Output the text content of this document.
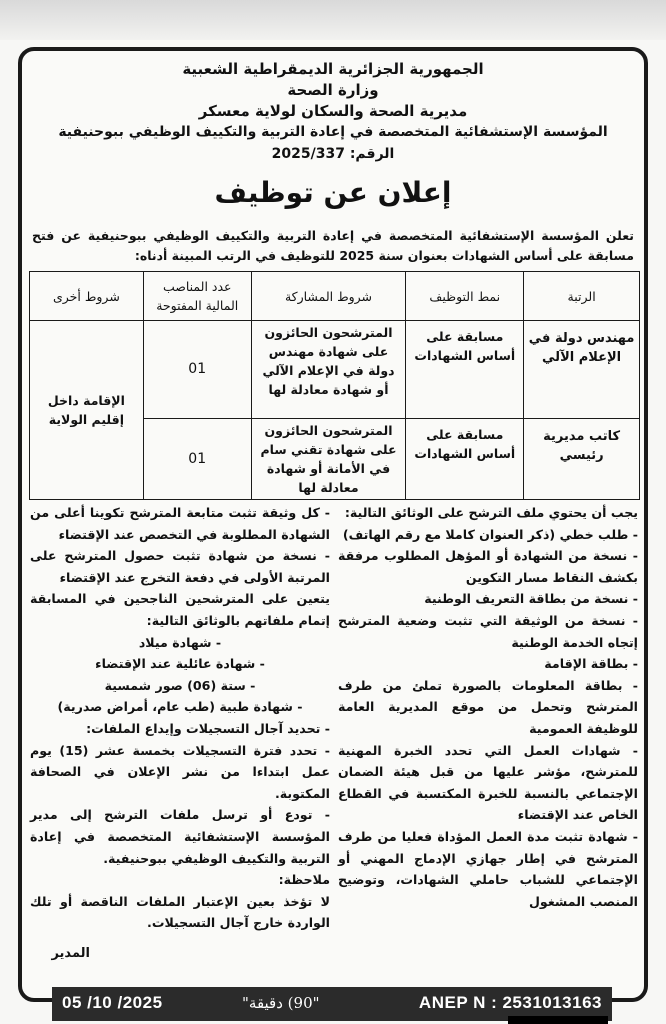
الجمهورية الجزائرية الديمقراطية الشعبية
وزارة الصحة
مديرية الصحة والسكان لولاية معسكر
المؤسسة الإستشفائية المتخصصة في إعادة التربية والتكييف الوظيفي ببوحنيفية
الرقم: 2025/337
إعلان عن توظيف
تعلن المؤسسة الإستشفائية المتخصصة في إعادة التربية والتكييف الوظيفي ببوحنيفية عن فتح مسابقة على أساس الشهادات بعنوان سنة 2025 للتوظيف في الرتب المبينة أدناه:
الرتبة	نمط التوظيف	شروط المشاركة	عدد المناصب المالية المفتوحة	شروط أخرى
مهندس دولة في الإعلام الآلي	مسابقة على أساس الشهادات	المترشحون الحائزون على شهادة مهندس دولة في الإعلام الآلي أو شهادة معادلة لها	01	الإقامة داخل إقليم الولاية
كاتب مديرية رئيسي	مسابقة على أساس الشهادات	المترشحون الحائزون على شهادة تقني سام في الأمانة أو شهادة معادلة لها	01	

يجب أن يحتوي ملف الترشح على الوثائق التالية:

- طلب خطي (ذكر العنوان كاملا مع رقم الهاتف)

- نسخة من الشهادة أو المؤهل المطلوب مرفقة بكشف النقاط مسار التكوين

- نسخة من بطاقة التعريف الوطنية

- نسخة من الوثيقة التي تثبت وضعية المترشح إتجاه الخدمة الوطنية

- بطاقة الإقامة

- بطاقة المعلومات بالصورة تملئ من طرف المترشح وتحمل من موقع المديرية العامة للوظيفة العمومية

- شهادات العمل التي تحدد الخبرة المهنية للمترشح، مؤشر عليها من قبل هيئة الضمان الإجتماعي بالنسبة للخبرة المكتسبة في القطاع الخاص عند الإقتضاء

- شهادة تثبت مدة العمل المؤداة فعليا من طرف المترشح في إطار جهازي الإدماج المهني أو الإجتماعي للشباب حاملي الشهادات، وتوضيح المنصب المشغول

- كل وثيقة تثبت متابعة المترشح تكوينا أعلى من الشهادة المطلوبة في التخصص عند الإقتضاء

- نسخة من شهادة تثبت حصول المترشح على المرتبة الأولى في دفعة التخرج عند الإقتضاء

يتعين على المترشحين الناجحين في المسابقة إتمام ملفاتهم بالوثائق التالية:

- شهادة ميلاد

- شهادة عائلية عند الإقتضاء

- ستة (06) صور شمسية

- شهادة طبية (طب عام، أمراض صدرية)

- تحديد آجال التسجيلات وإيداع الملفات:

- تحدد فترة التسجيلات بخمسة عشر (15) يوم عمل ابتداءا من نشر الإعلان في الصحافة المكتوبة.

- تودع أو ترسل ملفات الترشح إلى مدير المؤسسة الإستشفائية المتخصصة في إعادة التربية والتكييف الوظيفي ببوحنيفية.

ملاحظة:

لا تؤخذ بعين الإعتبار الملفات الناقصة أو تلك الواردة خارج آجال التسجيلات.

المدير
05 /10 /2025	"90) دقيقة"	ANEP N : 2531013163
